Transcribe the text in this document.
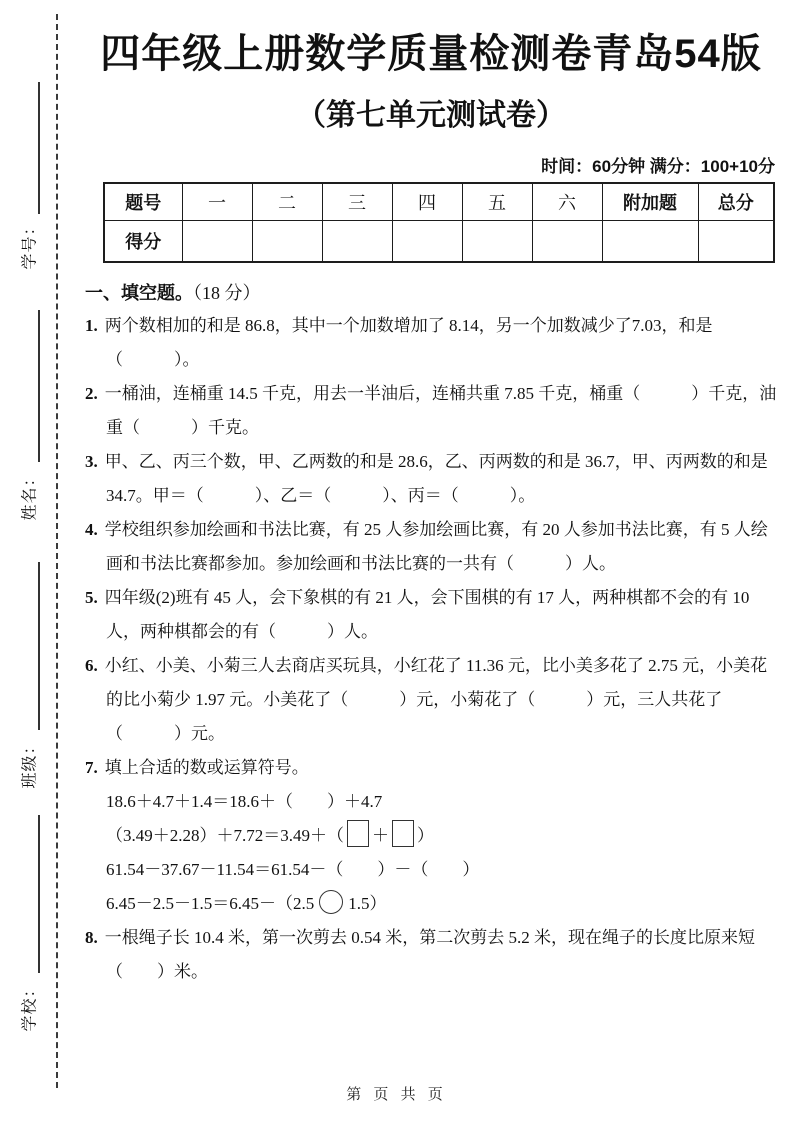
学号：
姓名：
班级：
学校：
四年级上册数学质量检测卷青岛54版
（第七单元测试卷）
时间：60分钟 满分：100+10分
题号	一	二	三	四	五	六	附加题	总分
得分								
一、填空题。（18 分）
1. 两个数相加的和是 86.8，其中一个加数增加了 8.14，另一个加数减少了7.03，和是（　　　）。
2. 一桶油，连桶重 14.5 千克，用去一半油后，连桶共重 7.85 千克，桶重（　　　）千克，油重（　　　）千克。
3. 甲、乙、丙三个数，甲、乙两数的和是 28.6，乙、丙两数的和是 36.7，甲、丙两数的和是 34.7。甲＝（　　　）、乙＝（　　　）、丙＝（　　　）。
4. 学校组织参加绘画和书法比赛，有 25 人参加绘画比赛，有 20 人参加书法比赛，有 5 人绘画和书法比赛都参加。参加绘画和书法比赛的一共有（　　　）人。
5. 四年级(2)班有 45 人，会下象棋的有 21 人，会下围棋的有 17 人，两种棋都不会的有 10 人，两种棋都会的有（　　　）人。
6. 小红、小美、小菊三人去商店买玩具，小红花了 11.36 元，比小美多花了 2.75 元，小美花的比小菊少 1.97 元。小美花了（　　　）元，小菊花了（　　　）元，三人共花了（　　　）元。
7. 填上合适的数或运算符号。
18.6＋4.7＋1.4＝18.6＋（　　）＋4.7
（3.49＋2.28）＋7.72＝3.49＋（ ＋ ）
61.54－37.67－11.54＝61.54－（　　）－（　　）
6.45－2.5－1.5＝6.45－（2.5 1.5）
8. 一根绳子长 10.4 米，第一次剪去 0.54 米，第二次剪去 5.2 米，现在绳子的长度比原来短（　　）米。
第 页 共 页
